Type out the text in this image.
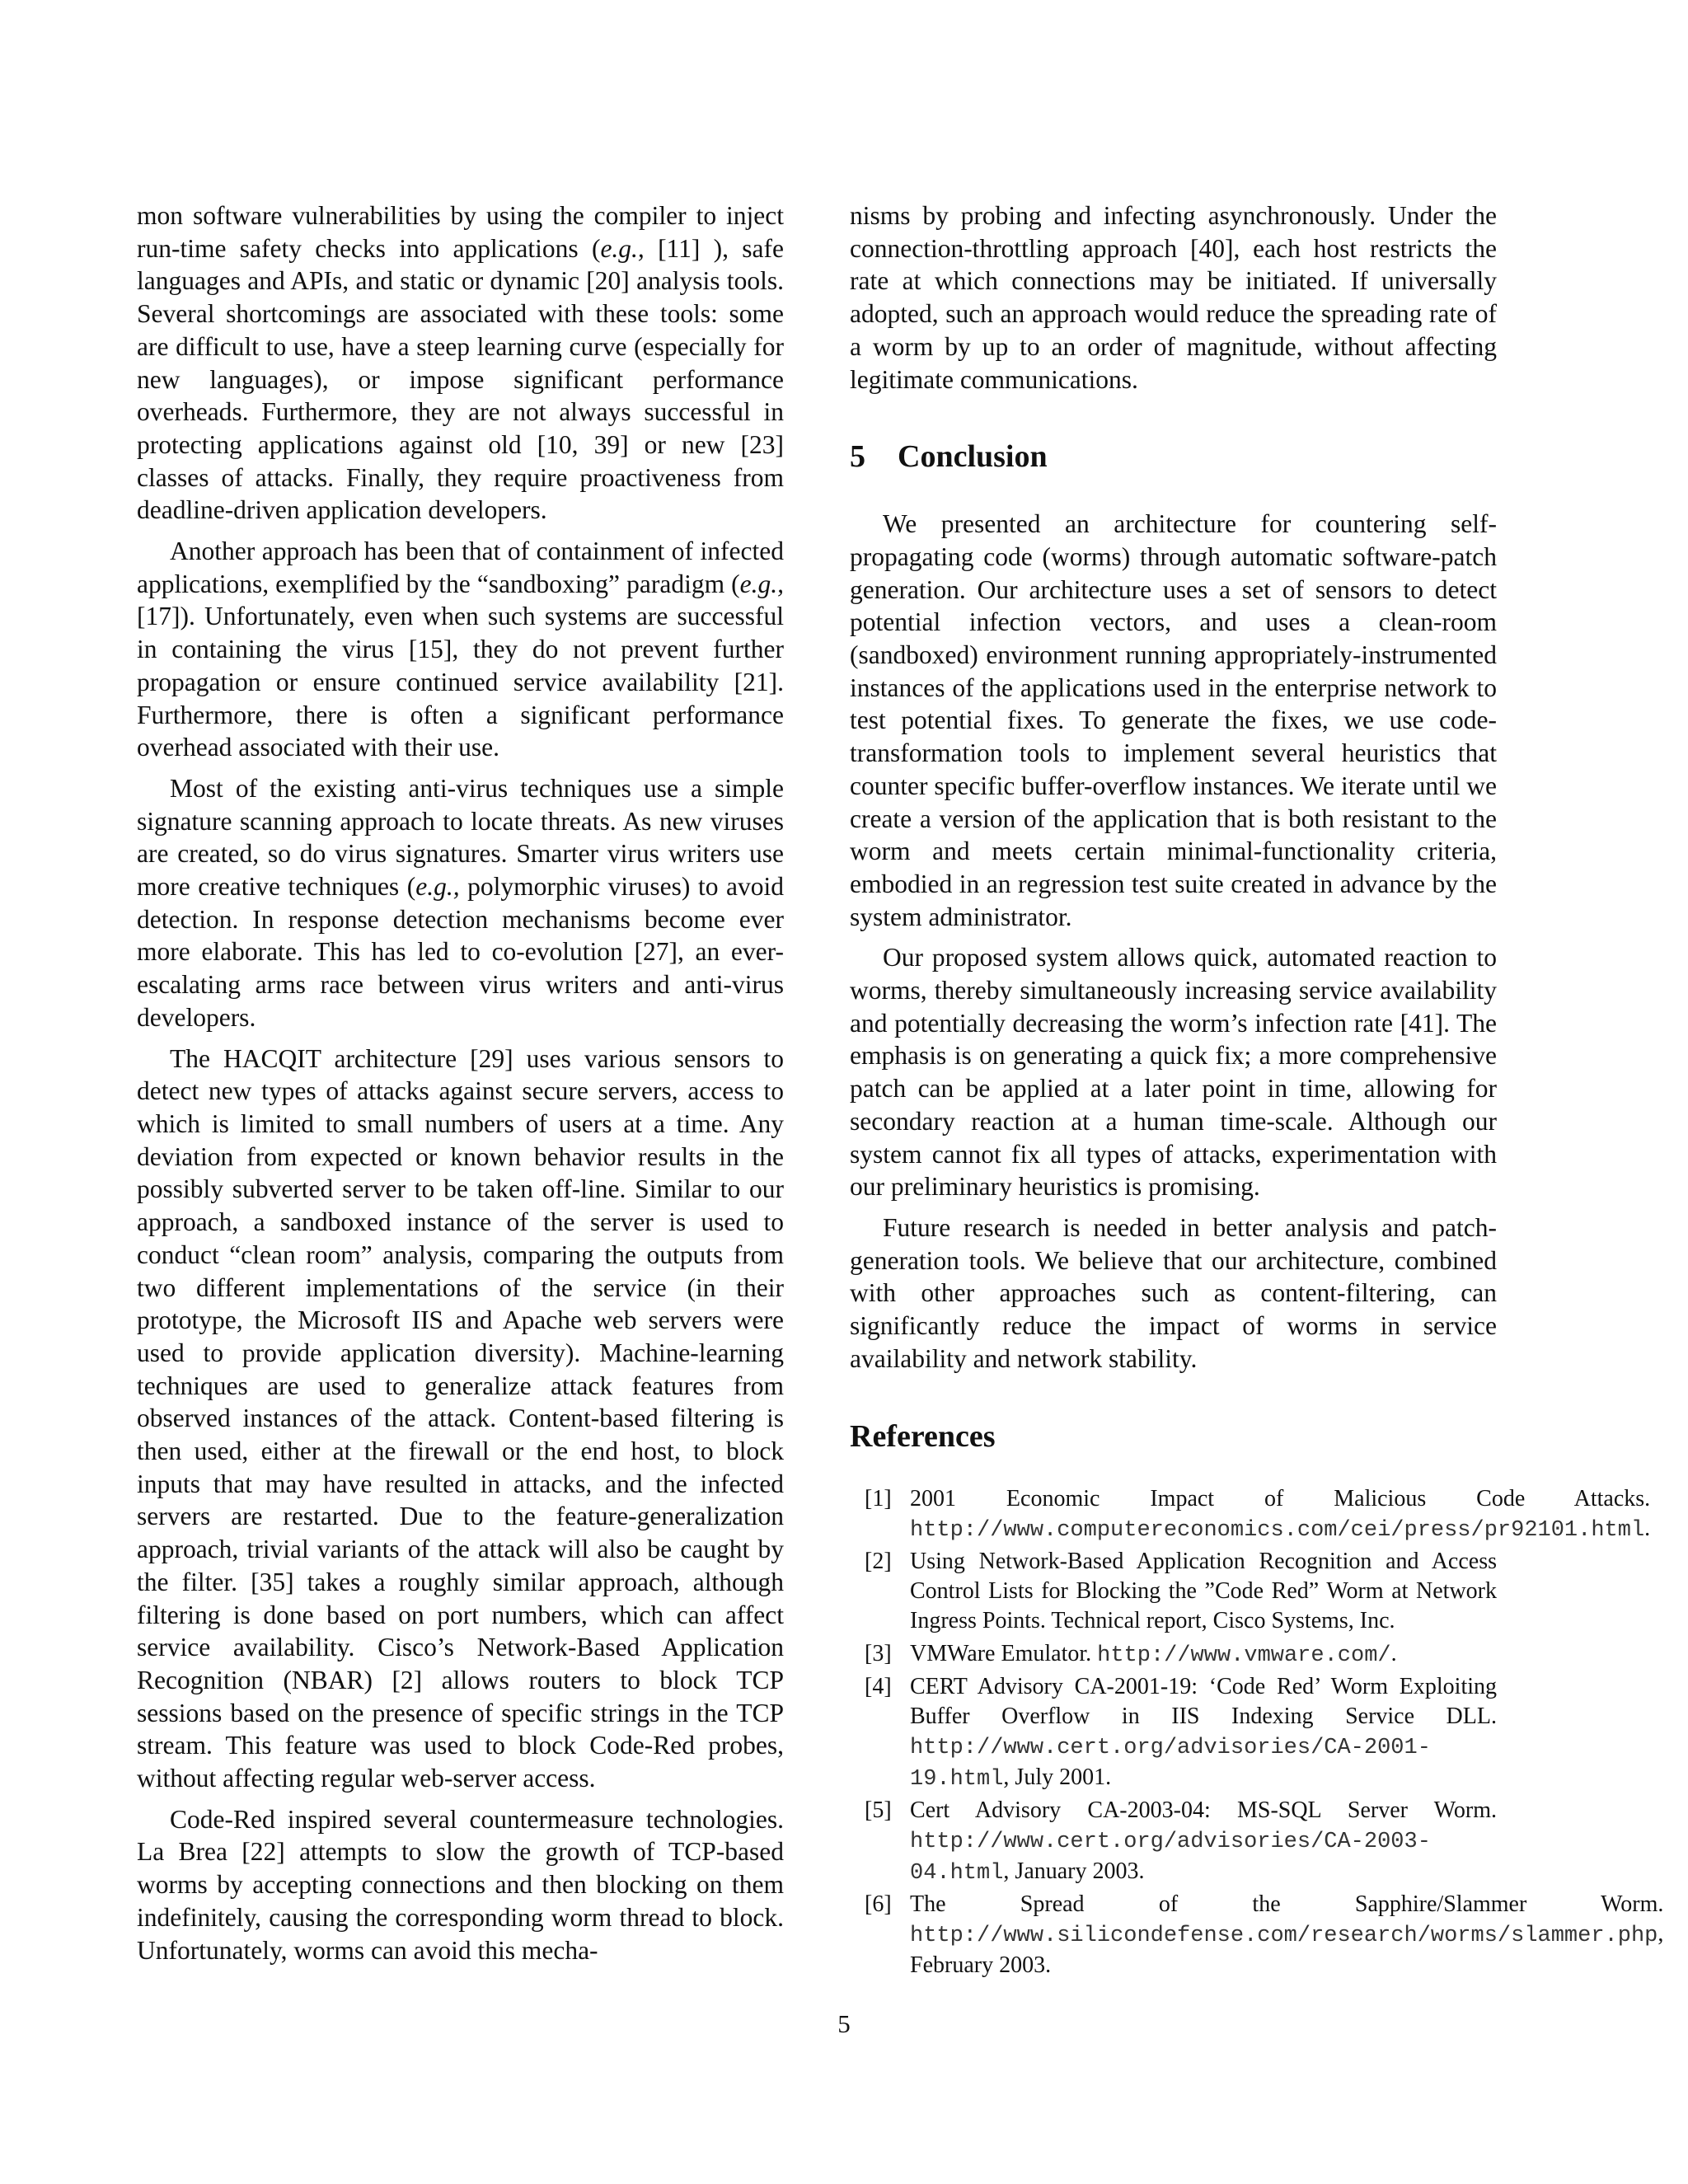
mon software vulnerabilities by using the compiler to inject run-time safety checks into applications (e.g., [11] ), safe languages and APIs, and static or dynamic [20] analysis tools. Several shortcomings are associated with these tools: some are difficult to use, have a steep learning curve (especially for new languages), or impose significant performance overheads. Furthermore, they are not always successful in protecting applications against old [10, 39] or new [23] classes of attacks. Finally, they require proactiveness from deadline-driven application developers.

Another approach has been that of containment of infected applications, exemplified by the “sandboxing” paradigm (e.g., [17]). Unfortunately, even when such systems are successful in containing the virus [15], they do not prevent further propagation or ensure continued service availability [21]. Furthermore, there is often a significant performance overhead associated with their use.

Most of the existing anti-virus techniques use a simple signature scanning approach to locate threats. As new viruses are created, so do virus signatures. Smarter virus writers use more creative techniques (e.g., polymorphic viruses) to avoid detection. In response detection mechanisms become ever more elaborate. This has led to co-evolution [27], an ever-escalating arms race between virus writers and anti-virus developers.

The HACQIT architecture [29] uses various sensors to detect new types of attacks against secure servers, access to which is limited to small numbers of users at a time. Any deviation from expected or known behavior results in the possibly subverted server to be taken off-line. Similar to our approach, a sandboxed instance of the server is used to conduct “clean room” analysis, comparing the outputs from two different implementations of the service (in their prototype, the Microsoft IIS and Apache web servers were used to provide application diversity). Machine-learning techniques are used to generalize attack features from observed instances of the attack. Content-based filtering is then used, either at the firewall or the end host, to block inputs that may have resulted in attacks, and the infected servers are restarted. Due to the feature-generalization approach, trivial variants of the attack will also be caught by the filter. [35] takes a roughly similar approach, although filtering is done based on port numbers, which can affect service availability. Cisco’s Network-Based Application Recognition (NBAR) [2] allows routers to block TCP sessions based on the presence of specific strings in the TCP stream. This feature was used to block Code-Red probes, without affecting regular web-server access.

Code-Red inspired several countermeasure technologies. La Brea [22] attempts to slow the growth of TCP-based worms by accepting connections and then blocking on them indefinitely, causing the corresponding worm thread to block. Unfortunately, worms can avoid this mecha-

nisms by probing and infecting asynchronously. Under the connection-throttling approach [40], each host restricts the rate at which connections may be initiated. If universally adopted, such an approach would reduce the spreading rate of a worm by up to an order of magnitude, without affecting legitimate communications.

5 Conclusion

We presented an architecture for countering self-propagating code (worms) through automatic software-patch generation. Our architecture uses a set of sensors to detect potential infection vectors, and uses a clean-room (sandboxed) environment running appropriately-instrumented instances of the applications used in the enterprise network to test potential fixes. To generate the fixes, we use code-transformation tools to implement several heuristics that counter specific buffer-overflow instances. We iterate until we create a version of the application that is both resistant to the worm and meets certain minimal-functionality criteria, embodied in an regression test suite created in advance by the system administrator.

Our proposed system allows quick, automated reaction to worms, thereby simultaneously increasing service availability and potentially decreasing the worm’s infection rate [41]. The emphasis is on generating a quick fix; a more comprehensive patch can be applied at a later point in time, allowing for secondary reaction at a human time-scale. Although our system cannot fix all types of attacks, experimentation with our preliminary heuristics is promising.

Future research is needed in better analysis and patch-generation tools. We believe that our architecture, combined with other approaches such as content-filtering, can significantly reduce the impact of worms in service availability and network stability.

References
[1] 2001 Economic Impact of Malicious Code Attacks. http://www.computereconomics.com/cei/press/pr92101.html.
[2] Using Network-Based Application Recognition and Access Control Lists for Blocking the ”Code Red” Worm at Network Ingress Points. Technical report, Cisco Systems, Inc.
[3] VMWare Emulator. http://www.vmware.com/.
[4] CERT Advisory CA-2001-19: ‘Code Red’ Worm Exploiting Buffer Overflow in IIS Indexing Service DLL. http://www.cert.org/advisories/CA-2001-19.html, July 2001.
[5] Cert Advisory CA-2003-04: MS-SQL Server Worm. http://www.cert.org/advisories/CA-2003-04.html, January 2003.
[6] The Spread of the Sapphire/Slammer Worm. http://www.silicondefense.com/research/worms/slammer.php, February 2003.
5
